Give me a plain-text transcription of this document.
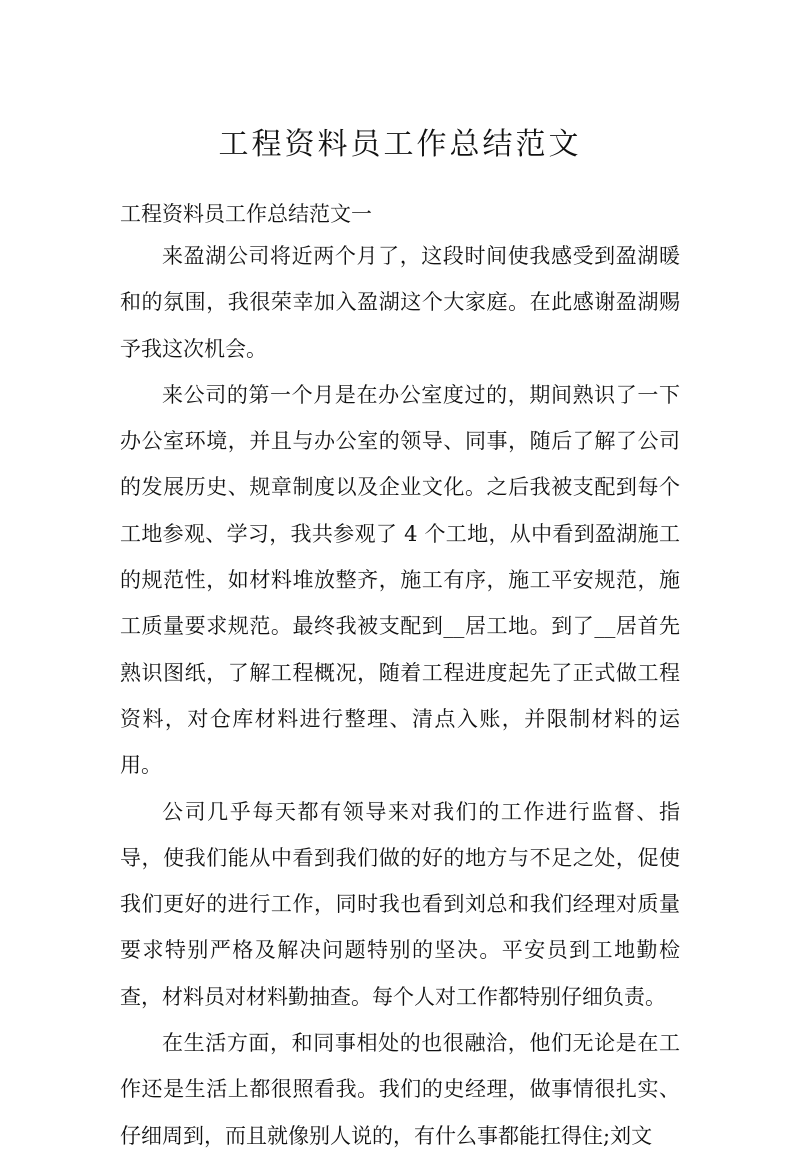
工程资料员工作总结范文
工程资料员工作总结范文一

来盈湖公司将近两个月了，这段时间使我感受到盈湖暖和的氛围，我很荣幸加入盈湖这个大家庭。在此感谢盈湖赐予我这次机会。

来公司的第一个月是在办公室度过的，期间熟识了一下办公室环境，并且与办公室的领导、同事，随后了解了公司的发展历史、规章制度以及企业文化。之后我被支配到每个工地参观、学习，我共参观了 4 个工地，从中看到盈湖施工的规范性，如材料堆放整齐，施工有序，施工平安规范，施工质量要求规范。最终我被支配到__居工地。到了__居首先熟识图纸，了解工程概况，随着工程进度起先了正式做工程资料，对仓库材料进行整理、清点入账，并限制材料的运用。

公司几乎每天都有领导来对我们的工作进行监督、指导，使我们能从中看到我们做的好的地方与不足之处，促使我们更好的进行工作，同时我也看到刘总和我们经理对质量要求特别严格及解决问题特别的坚决。平安员到工地勤检查，材料员对材料勤抽查。每个人对工作都特别仔细负责。

在生活方面，和同事相处的也很融洽，他们无论是在工作还是生活上都很照看我。我们的史经理，做事情很扎实、仔细周到，而且就像别人说的，有什么事都能扛得住;刘文
